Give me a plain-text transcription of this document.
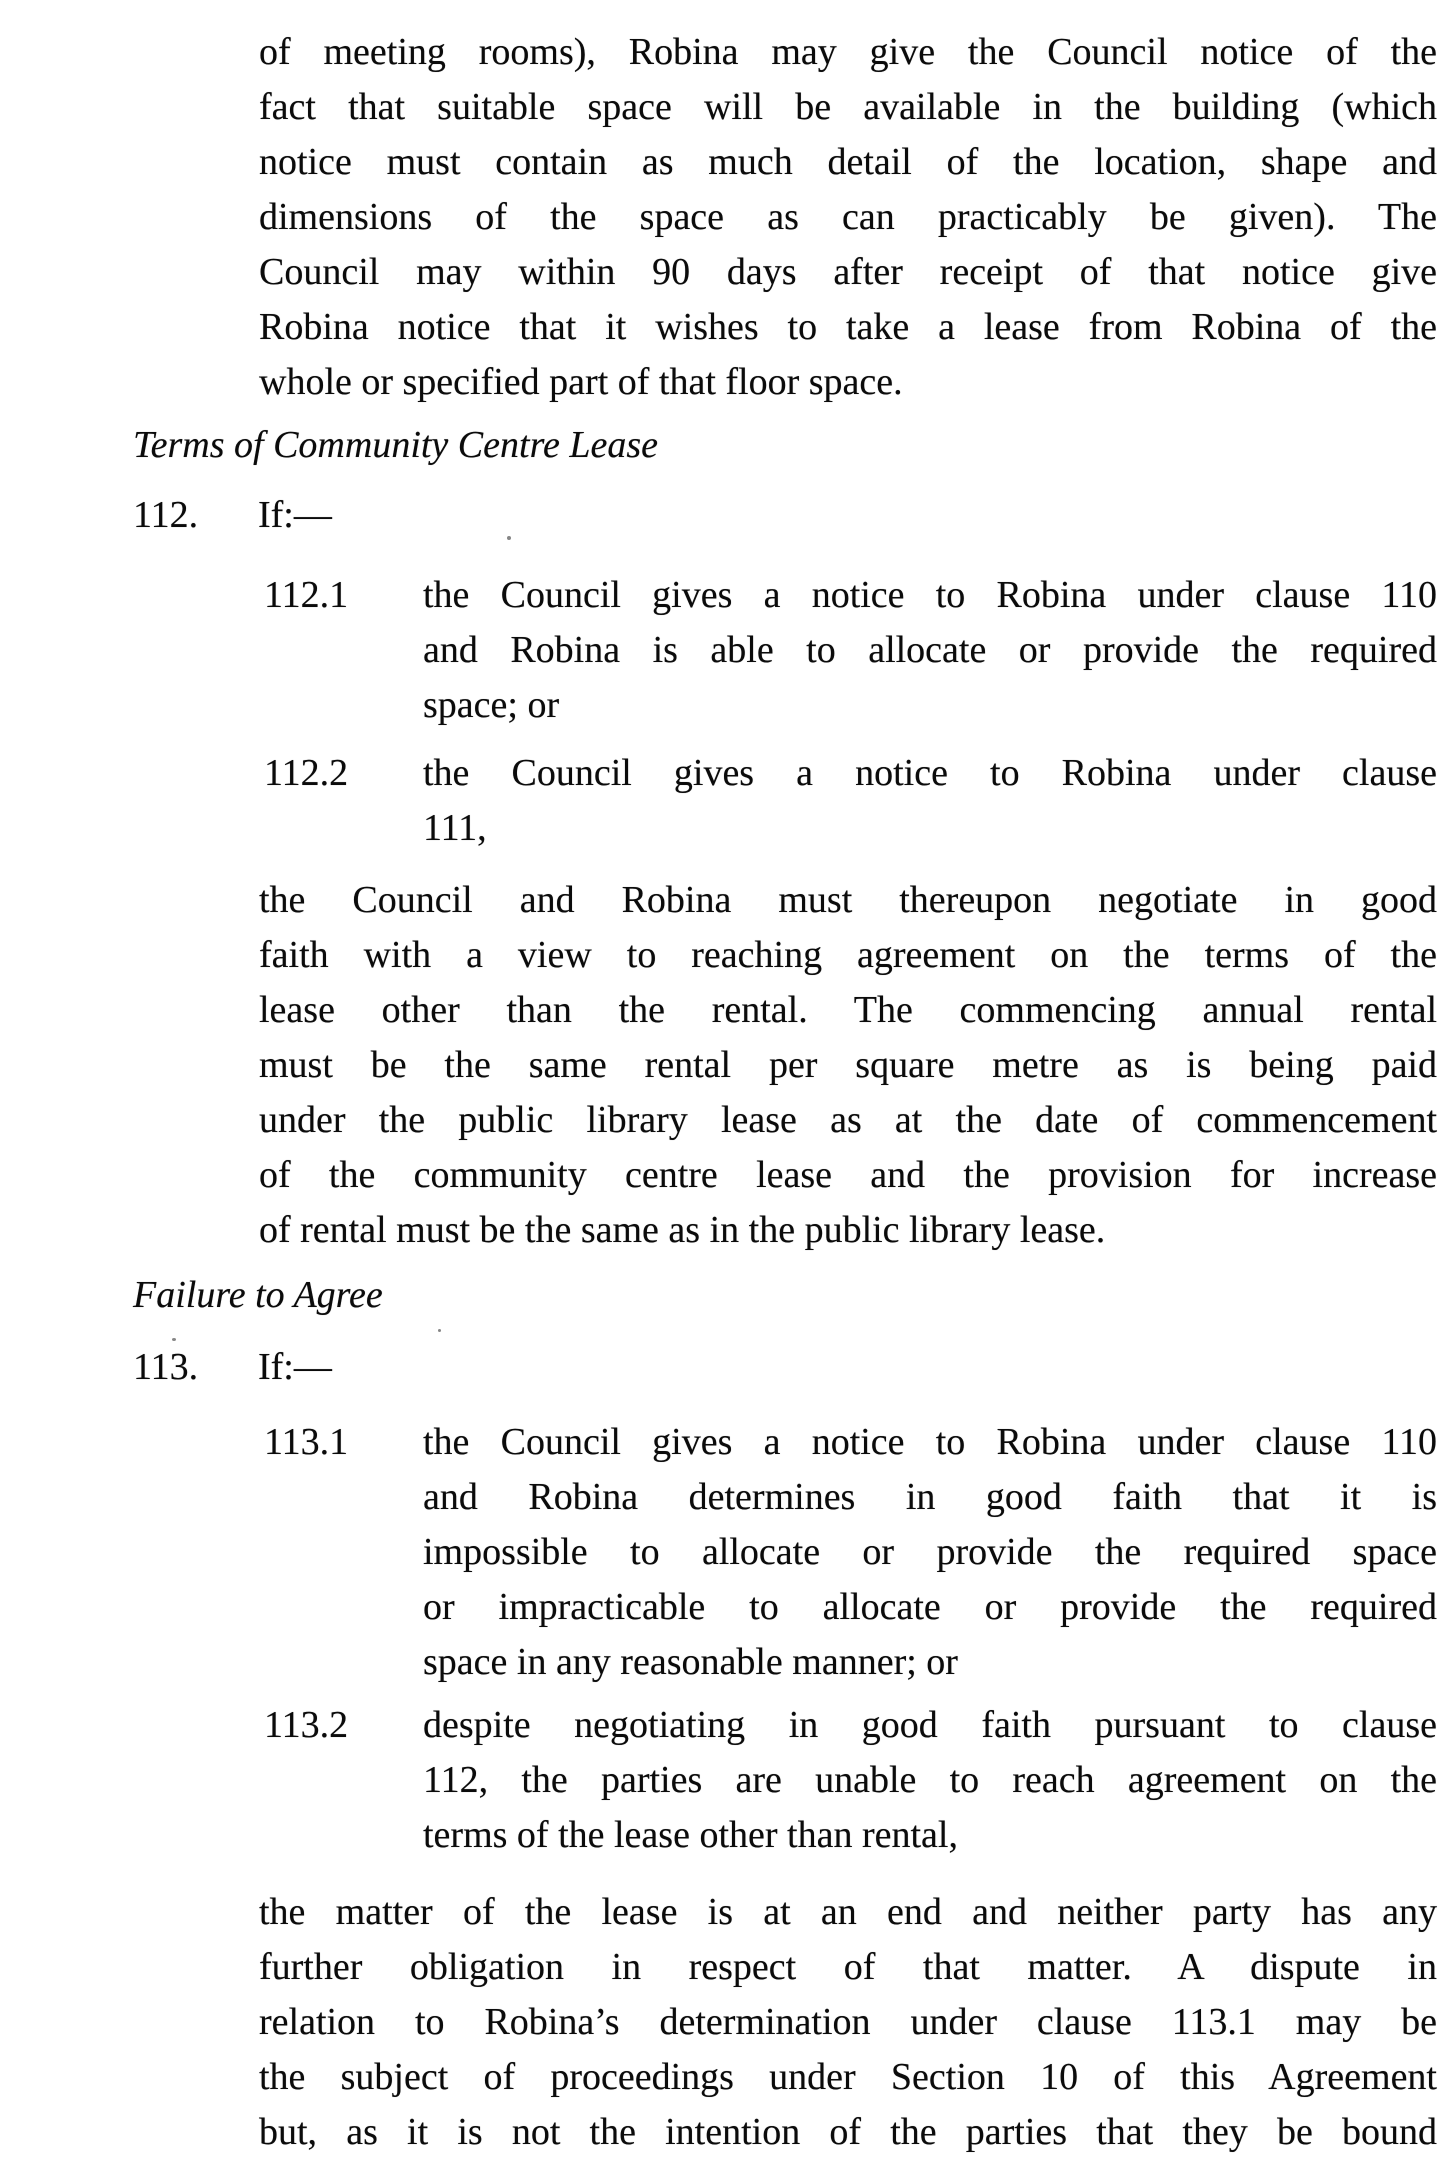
of meeting rooms), Robina may give the Council notice of the
fact that suitable space will be available in the building (which
notice must contain as much detail of the location, shape and
dimensions of the space as can practicably be given). The
Council may within 90 days after receipt of that notice give
Robina notice that it wishes to take a lease from Robina of the
whole or specified part of that floor space.
Terms of Community Centre Lease
112. If:—
112.1 the Council gives a notice to Robina under clause 110
and Robina is able to allocate or provide the required
space; or
112.2 the Council gives a notice to Robina under clause
111,
the Council and Robina must thereupon negotiate in good
faith with a view to reaching agreement on the terms of the
lease other than the rental. The commencing annual rental
must be the same rental per square metre as is being paid
under the public library lease as at the date of commencement
of the community centre lease and the provision for increase
of rental must be the same as in the public library lease.
Failure to Agree
113. If:—
113.1 the Council gives a notice to Robina under clause 110
and Robina determines in good faith that it is
impossible to allocate or provide the required space
or impracticable to allocate or provide the required
space in any reasonable manner; or
113.2 despite negotiating in good faith pursuant to clause
112, the parties are unable to reach agreement on the
terms of the lease other than rental,
the matter of the lease is at an end and neither party has any
further obligation in respect of that matter. A dispute in
relation to Robina’s determination under clause 113.1 may be
the subject of proceedings under Section 10 of this Agreement
but, as it is not the intention of the parties that they be bound
